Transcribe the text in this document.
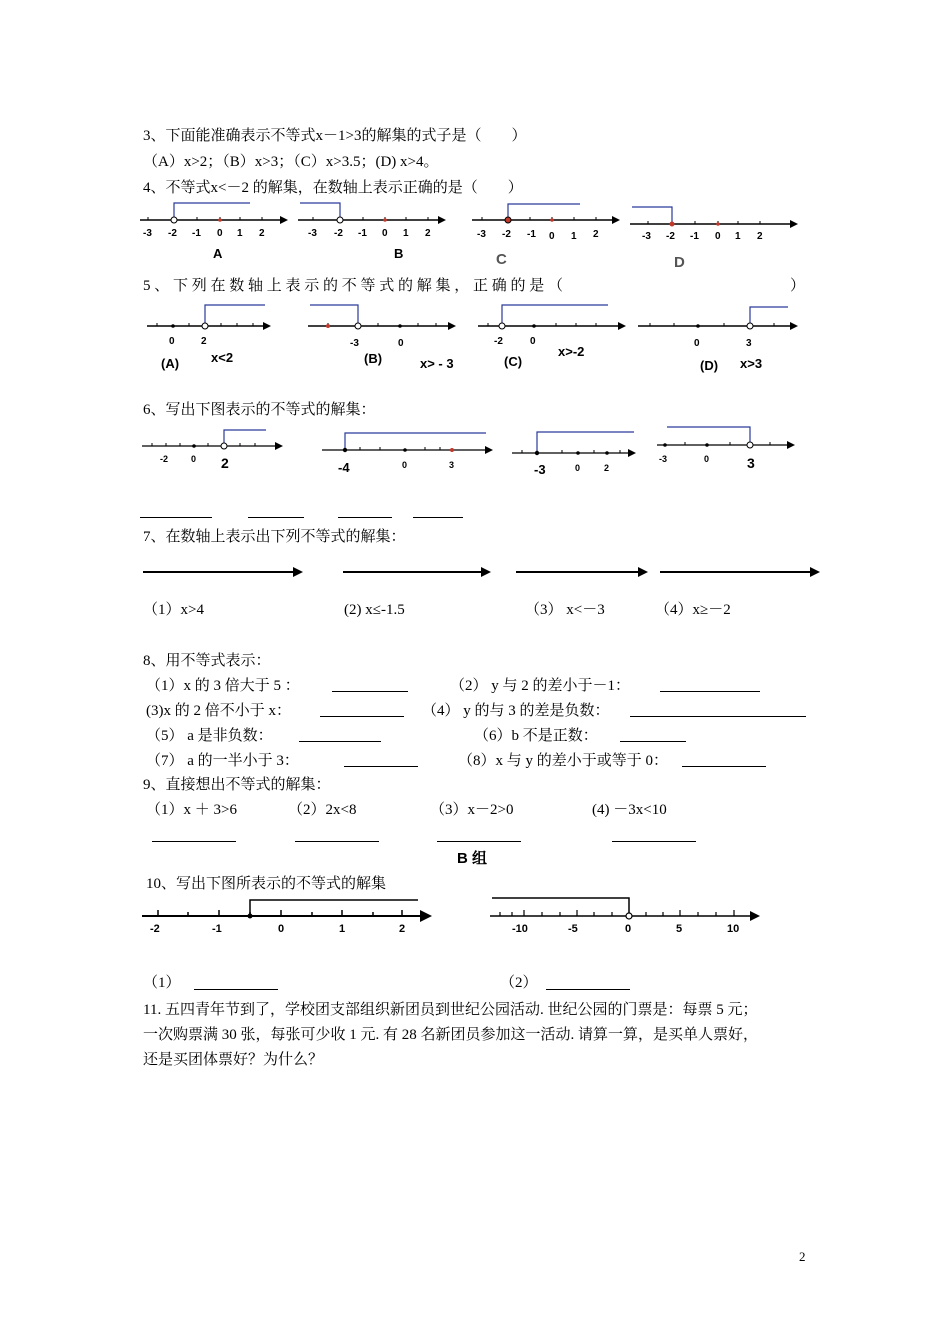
3、下面能准确表示不等式x－1>3的解集的式子是（　　）
（A）x>2；（B）x>3；（C）x>3.5；(D) x>4。
4、不等式x<－2 的解集，在数轴上表示正确的是（　　）
-3 -2 -1 0 1 2
A
-3 -2 -1 0 1 2
B
-3 -2 -1 0 1 2
C
-3 -2 -1 0 1 2
D
5 、 下 列 在 数 轴 上 表 示 的 不 等 式 的 解 集 ， 正 确 的 是 （	）
0	2
(A) x<2
-3	0
(B)	x> - 3
-2	0
(C)
x>-2
0	3
(D) x>3
6、写出下图表示的不等式的解集：
-2	0 2	-4	0	3	-3	0	2
-3	0	3
7、在数轴上表示出下列不等式的解集：
（1）x>4	(2) x≤-1.5	（3） x<－3	（4）x≥－2
8、用不等式表示：
（1）x 的 3 倍大于 5 ：	（2） y 与 2 的差小于－1：
(3)x 的 2 倍不小于 x：	（4） y 的与 3 的差是负数：
（5） a 是非负数：	（6）b 不是正数：
（7） a 的一半小于 3：	（8）x 与 y 的差小于或等于 0：
9、直接想出不等式的解集：
（1）x ＋ 3>6	（2）2x<8	（3）x－2>0	(4) －3x<10
B 组
10、写出下图所表示的不等式的解集
-2	-1	0	1	2	-10	-5	0	5	10
（1）	（2）
11. 五四青年节到了，学校团支部组织新团员到世纪公园活动. 世纪公园的门票是：每票 5 元；
一次购票满 30 张，每张可少收 1 元. 有 28 名新团员参加这一活动. 请算一算，是买单人票好，
还是买团体票好？为什么？
2
